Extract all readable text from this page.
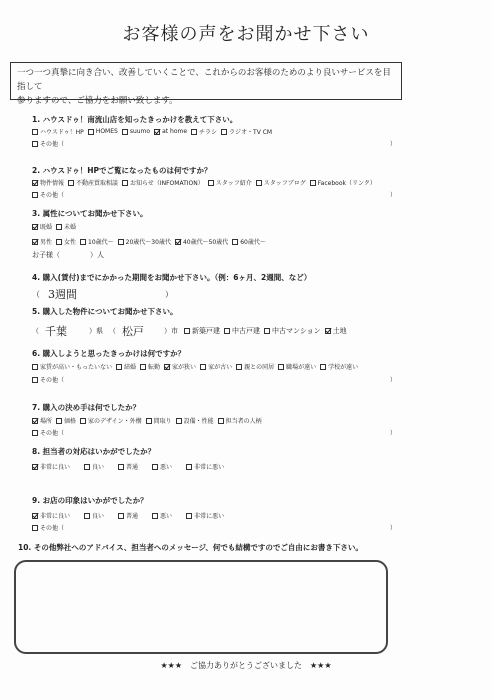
お客様の声をお聞かせ下さい
一つ一つ真摯に向き合い、改善していくことで、これからのお客様のためのより良いサービスを目指して
参りますので、ご協力をお願い致します。
1. ハウスドゥ！南流山店を知ったきっかけを教えて下さい。
ハウスドゥ！HP HOMES suumo at home チラシ ラジオ・TV CM
その他（	）
2. ハウスドゥ！HPでご覧になったものは何ですか？
物件情報 不動産買取相談 お知らせ（INFOMATION） スタッフ紹介 スタッフブログ Facebook（リンク）
その他（	）
3. 属性についてお聞かせ下さい。
既婚 未婚
男性 女性 10歳代～ 20歳代～30歳代 40歳代～50歳代 60歳代～
お子様（	）人
4. 購入(賃付)までにかかった期間をお聞かせ下さい。（例：6ヶ月、2週間、など）
（ 3週間	）
5. 購入した物件についてお聞かせ下さい。
（ 千葉	）県 （ 松戸	）市 新築戸建 中古戸建 中古マンション 土地
6. 購入しようと思ったきっかけは何ですか？
家賃が高い・もったいない 結婚 転勤 家が狭い 家が古い 親との同居 職場が遠い 学校が遠い
その他（	）
7. 購入の決め手は何でしたか？
場所 価格 家のデザイン・外構 間取り 設備・性能 担当者の人柄
その他（	）
8. 担当者の対応はいかがでしたか？
非常に良い	良い	普通	悪い	非常に悪い
9. お店の印象はいかがでしたか？
非常に良い	良い	普通	悪い	非常に悪い
その他（	）
10. その他弊社へのアドバイス、担当者へのメッセージ、何でも結構ですのでご自由にお書き下さい。
★★★　ご協力ありがとうございました　★★★
